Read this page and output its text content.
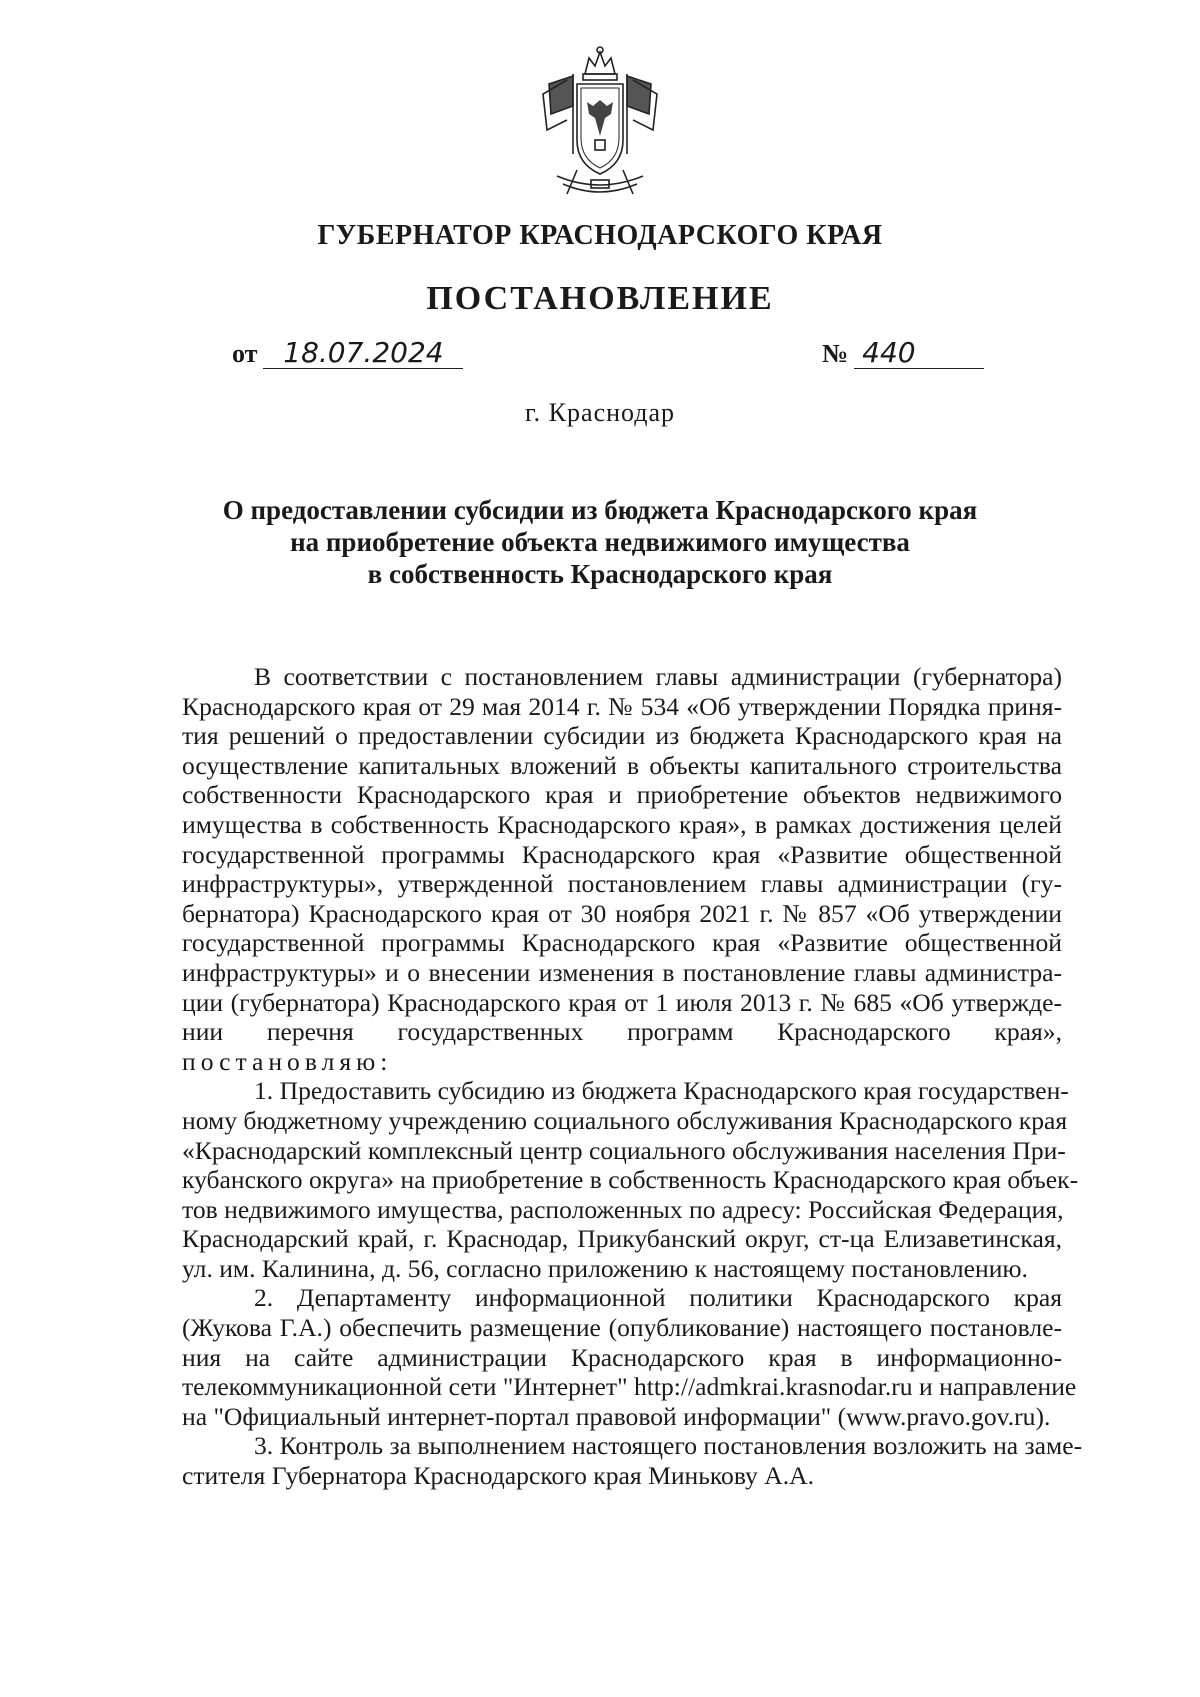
ГУБЕРНАТОР КРАСНОДАРСКОГО КРАЯ
ПОСТАНОВЛЕНИЕ
от 18.07.2024	№ 440
г. Краснодар
О предоставлении субсидии из бюджета Краснодарского края
на приобретение объекта недвижимого имущества
в собственность Краснодарского края
В соответствии с постановлением главы администрации (губернатора)
Краснодарского края от 29 мая 2014 г. № 534 «Об утверждении Порядка приня-
тия решений о предоставлении субсидии из бюджета Краснодарского края на
осуществление капитальных вложений в объекты капитального строительства
собственности Краснодарского края и приобретение объектов недвижимого
имущества в собственность Краснодарского края», в рамках достижения целей
государственной программы Краснодарского края «Развитие общественной
инфраструктуры», утвержденной постановлением главы администрации (гу-
бернатора) Краснодарского края от 30 ноября 2021 г. № 857 «Об утверждении
государственной программы Краснодарского края «Развитие общественной
инфраструктуры» и о внесении изменения в постановление главы администра-
ции (губернатора) Краснодарского края от 1 июля 2013 г. № 685 «Об утвержде-
нии перечня государственных программ Краснодарского края»,
постановляю:
1. Предоставить субсидию из бюджета Краснодарского края государствен-
ному бюджетному учреждению социального обслуживания Краснодарского края
«Краснодарский комплексный центр социального обслуживания населения При-
кубанского округа» на приобретение в собственность Краснодарского края объек-
тов недвижимого имущества, расположенных по адресу: Российская Федерация,
Краснодарский край, г. Краснодар, Прикубанский округ, ст-ца Елизаветинская,
ул. им. Калинина, д. 56, согласно приложению к настоящему постановлению.
2. Департаменту информационной политики Краснодарского края
(Жукова Г.А.) обеспечить размещение (опубликование) настоящего постановле-
ния на сайте администрации Краснодарского края в информационно-
телекоммуникационной сети "Интернет" http://admkrai.krasnodar.ru и направление
на "Официальный интернет-портал правовой информации" (www.pravo.gov.ru).
3. Контроль за выполнением настоящего постановления возложить на заме-
стителя Губернатора Краснодарского края Минькову А.А.
